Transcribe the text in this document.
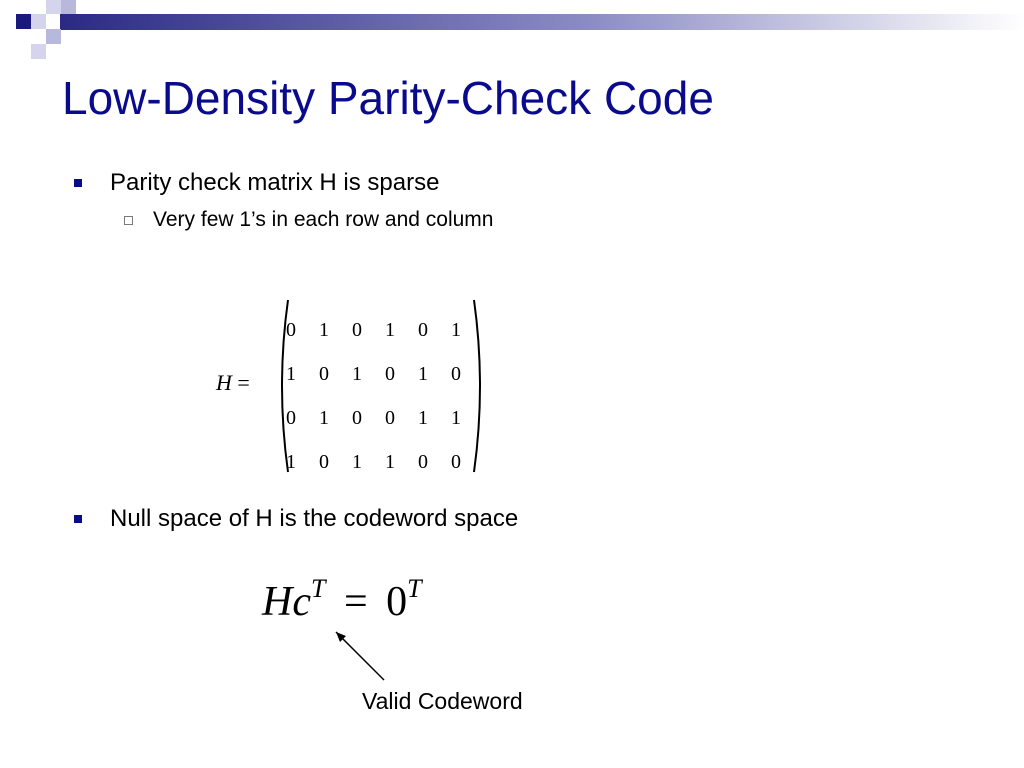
Low-Density Parity-Check Code
Parity check matrix H is sparse
Very few 1’s in each row and column
H =
0	1	0	1	0	1
1	0	1	0	1	0
0	1	0	0	1	1
1	0	1	1	0	0
Null space of H is the codeword space
$Hc^T = 0^T$
Valid Codeword
